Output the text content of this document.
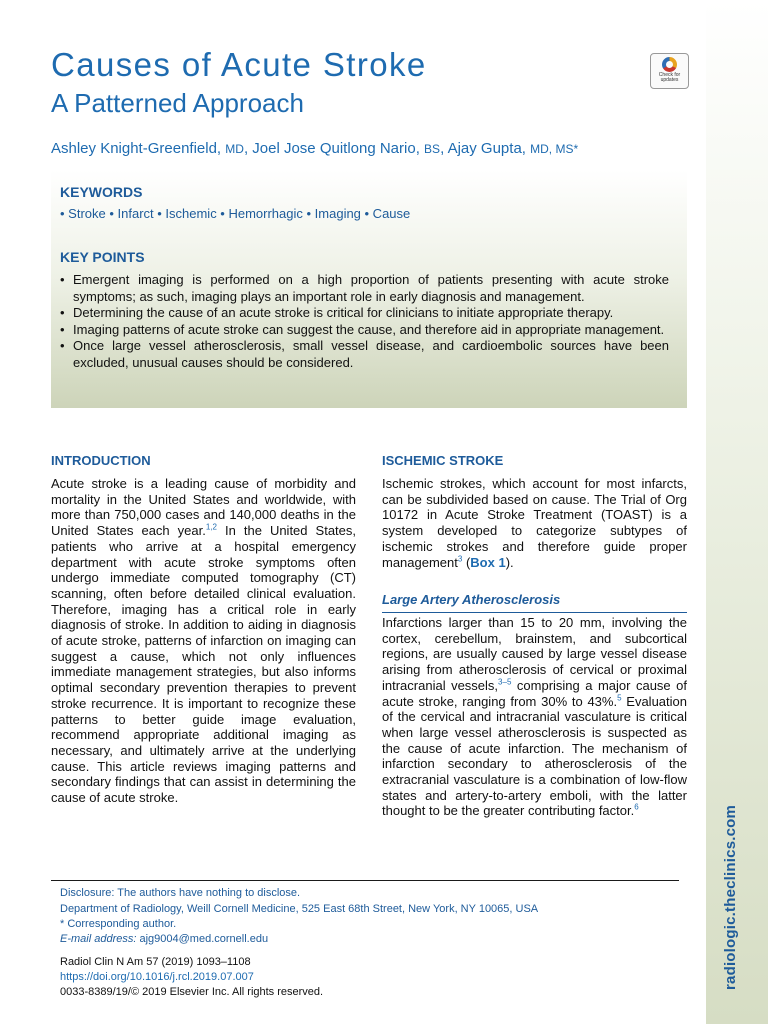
radiologic.theclinics.com
Check for updates
Causes of Acute Stroke
A Patterned Approach
Ashley Knight-Greenfield, MD, Joel Jose Quitlong Nario, BS, Ajay Gupta, MD, MS*
KEYWORDS
• Stroke • Infarct • Ischemic • Hemorrhagic • Imaging • Cause
KEY POINTS
• Emergent imaging is performed on a high proportion of patients presenting with acute stroke symptoms; as such, imaging plays an important role in early diagnosis and management.
• Determining the cause of an acute stroke is critical for clinicians to initiate appropriate therapy.
• Imaging patterns of acute stroke can suggest the cause, and therefore aid in appropriate management.
• Once large vessel atherosclerosis, small vessel disease, and cardioembolic sources have been excluded, unusual causes should be considered.
INTRODUCTION

Acute stroke is a leading cause of morbidity and mortality in the United States and worldwide, with more than 750,000 cases and 140,000 deaths in the United States each year.$^{1,2}$ In the United States, patients who arrive at a hospital emergency department with acute stroke symptoms often undergo immediate computed tomography (CT) scanning, often before detailed clinical evaluation. Therefore, imaging has a critical role in early diagnosis of stroke. In addition to aiding in diagnosis of acute stroke, patterns of infarction on imaging can suggest a cause, which not only influences immediate management strategies, but also informs optimal secondary prevention therapies to prevent stroke recurrence. It is important to recognize these patterns to better guide image evaluation, recommend appropriate additional imaging as necessary, and ultimately arrive at the underlying cause. This article reviews imaging patterns and secondary findings that can assist in determining the cause of acute stroke.

ISCHEMIC STROKE

Ischemic strokes, which account for most infarcts, can be subdivided based on cause. The Trial of Org 10172 in Acute Stroke Treatment (TOAST) is a system developed to categorize subtypes of ischemic strokes and therefore guide proper management$^3$ (Box 1).

Large Artery Atherosclerosis

Infarctions larger than 15 to 20 mm, involving the cortex, cerebellum, brainstem, and subcortical regions, are usually caused by large vessel disease arising from atherosclerosis of cervical or proximal intracranial vessels,$^{3-5}$ comprising a major cause of acute stroke, ranging from 30% to 43%.$^5$ Evaluation of the cervical and intracranial vasculature is critical when large vessel atherosclerosis is suspected as the cause of acute infarction. The mechanism of infarction secondary to atherosclerosis of the extracranial vasculature is a combination of low-flow states and artery-to-artery emboli, with the latter thought to be the greater contributing factor.$^6$

Disclosure: The authors have nothing to disclose.
Department of Radiology, Weill Cornell Medicine, 525 East 68th Street, New York, NY 10065, USA
* Corresponding author.
E-mail address: ajg9004@med.cornell.edu
Radiol Clin N Am 57 (2019) 1093–1108
https://doi.org/10.1016/j.rcl.2019.07.007
0033-8389/19/© 2019 Elsevier Inc. All rights reserved.
